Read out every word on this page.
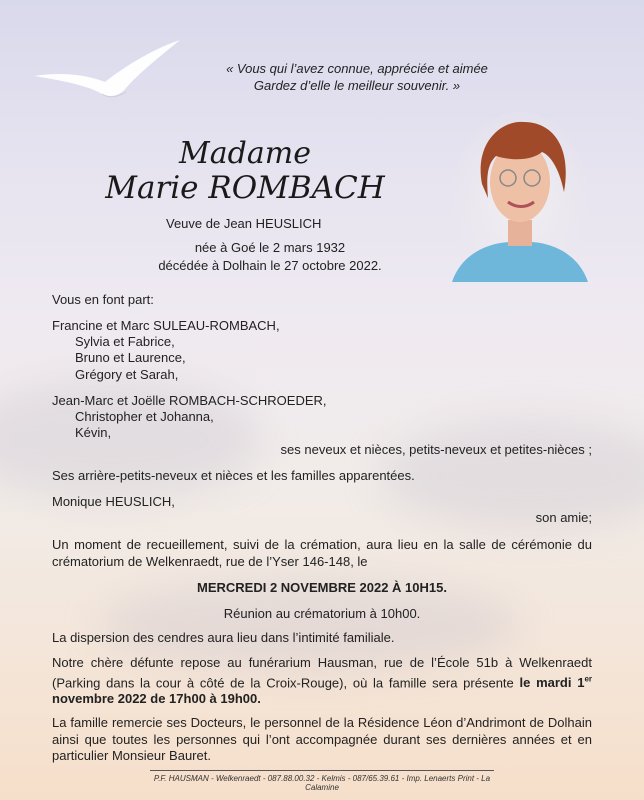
« Vous qui l’avez connue, appréciée et aimée
Gardez d’elle le meilleur souvenir. »
Madame
Marie ROMBACH
Veuve de Jean HEUSLICH
née à Goé le 2 mars 1932
décédée à Dolhain le 27 octobre 2022.
Vous en font part:
Francine et Marc SULEAU-ROMBACH,
Sylvia et Fabrice,
Bruno et Laurence,
Grégory et Sarah,
Jean-Marc et Joëlle ROMBACH-SCHROEDER,
Christopher et Johanna,
Kévin,
ses neveux et nièces, petits-neveux et petites-nièces ;
Ses arrière-petits-neveux et nièces et les familles apparentées.
Monique HEUSLICH,
son amie;
Un moment de recueillement, suivi de la crémation, aura lieu en la salle de cérémonie du crématorium de Welkenraedt, rue de l’Yser 146-148, le
MERCREDI 2 NOVEMBRE 2022 À 10H15.
Réunion au crématorium à 10h00.
La dispersion des cendres aura lieu dans l’intimité familiale.
Notre chère défunte repose au funérarium Hausman, rue de l’École 51b à Welkenraedt (Parking dans la cour à côté de la Croix-Rouge), où la famille sera présente le mardi 1er novembre 2022 de 17h00 à 19h00.
La famille remercie ses Docteurs, le personnel de la Résidence Léon d’Andrimont de Dolhain ainsi que toutes les personnes qui l’ont accompagnée durant ses dernières années et en particulier Monsieur Bauret.
P.F. HAUSMAN - Welkenraedt - 087.88.00.32 - Kelmis - 087/65.39.61 - Imp. Lenaerts Print - La Calamine
